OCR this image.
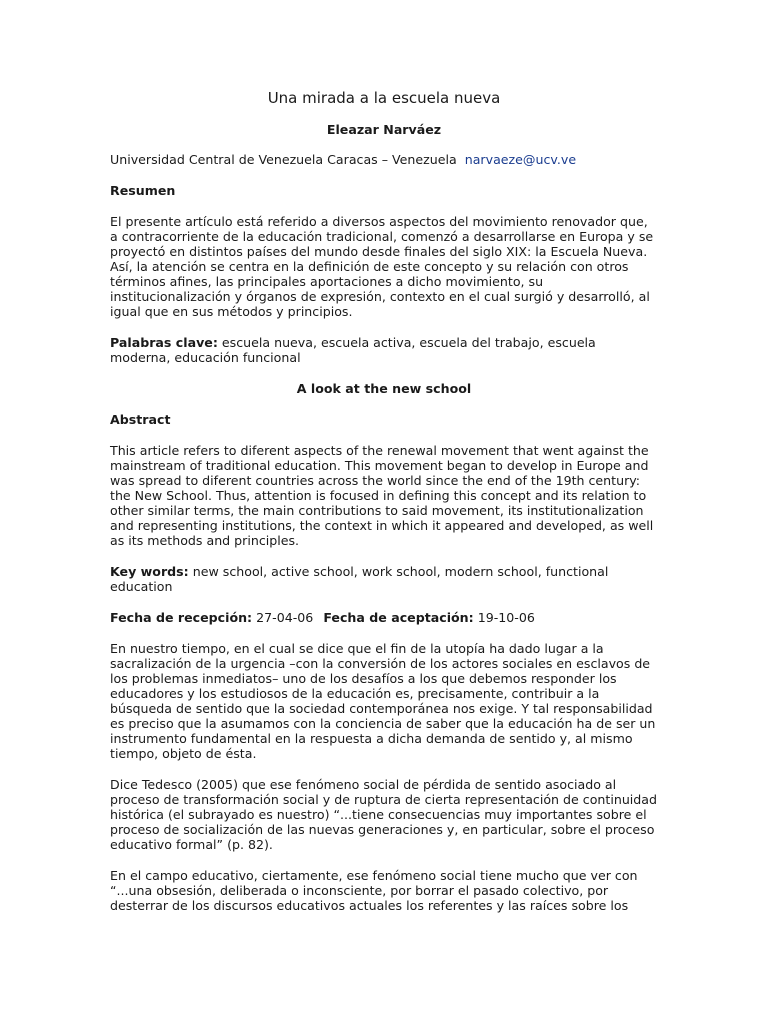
Una mirada a la escuela nueva
Eleazar Narváez
Universidad Central de Venezuela Caracas – Venezuela narvaeze@ucv.ve
Resumen
El presente artículo está referido a diversos aspectos del movimiento renovador que, a contracorriente de la educación tradicional, comenzó a desarrollarse en Europa y se proyectó en distintos países del mundo desde finales del siglo XIX: la Escuela Nueva. Así, la atención se centra en la definición de este concepto y su relación con otros términos afines, las principales aportaciones a dicho movimiento, su institucionalización y órganos de expresión, contexto en el cual surgió y desarrolló, al igual que en sus métodos y principios.
Palabras clave: escuela nueva, escuela activa, escuela del trabajo, escuela moderna, educación funcional
A look at the new school
Abstract
This article refers to diferent aspects of the renewal movement that went against the mainstream of traditional education. This movement began to develop in Europe and was spread to diferent countries across the world since the end of the 19th century: the New School. Thus, attention is focused in defining this concept and its relation to other similar terms, the main contributions to said movement, its institutionalization and representing institutions, the context in which it appeared and developed, as well as its methods and principles.
Key words: new school, active school, work school, modern school, functional education
Fecha de recepción: 27-04-06 Fecha de aceptación: 19-10-06
En nuestro tiempo, en el cual se dice que el fin de la utopía ha dado lugar a la sacralización de la urgencia –con la conversión de los actores sociales en esclavos de los problemas inmediatos– uno de los desafíos a los que debemos responder los educadores y los estudiosos de la educación es, precisamente, contribuir a la búsqueda de sentido que la sociedad contemporánea nos exige. Y tal responsabilidad es preciso que la asumamos con la conciencia de saber que la educación ha de ser un instrumento fundamental en la respuesta a dicha demanda de sentido y, al mismo tiempo, objeto de ésta.
Dice Tedesco (2005) que ese fenómeno social de pérdida de sentido asociado al proceso de transformación social y de ruptura de cierta representación de continuidad histórica (el subrayado es nuestro) “...tiene consecuencias muy importantes sobre el proceso de socialización de las nuevas generaciones y, en particular, sobre el proceso educativo formal” (p. 82).
En el campo educativo, ciertamente, ese fenómeno social tiene mucho que ver con “...una obsesión, deliberada o inconsciente, por borrar el pasado colectivo, por desterrar de los discursos educativos actuales los referentes y las raíces sobre los
